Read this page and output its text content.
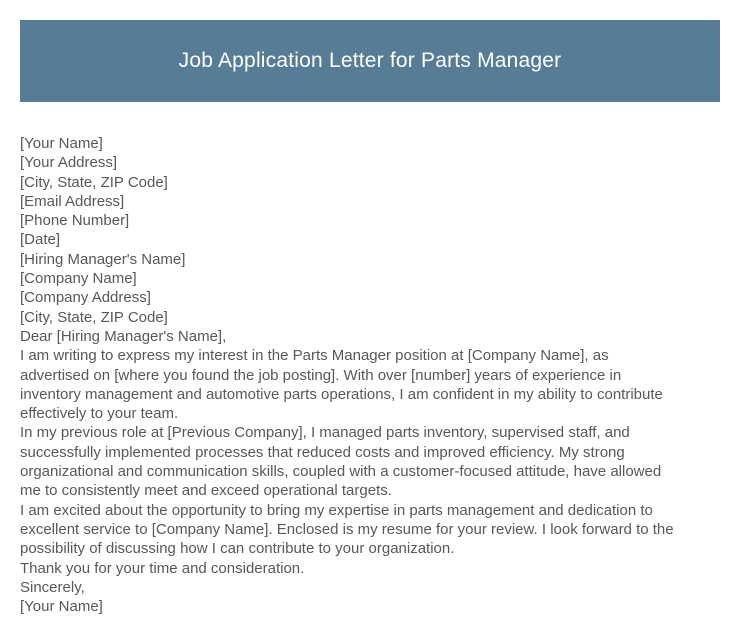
Job Application Letter for Parts Manager
[Your Name]
[Your Address]
[City, State, ZIP Code]
[Email Address]
[Phone Number]
[Date]
[Hiring Manager's Name]
[Company Name]
[Company Address]
[City, State, ZIP Code]
Dear [Hiring Manager's Name],
I am writing to express my interest in the Parts Manager position at [Company Name], as
advertised on [where you found the job posting]. With over [number] years of experience in
inventory management and automotive parts operations, I am confident in my ability to contribute
effectively to your team.
In my previous role at [Previous Company], I managed parts inventory, supervised staff, and
successfully implemented processes that reduced costs and improved efficiency. My strong
organizational and communication skills, coupled with a customer-focused attitude, have allowed
me to consistently meet and exceed operational targets.
I am excited about the opportunity to bring my expertise in parts management and dedication to
excellent service to [Company Name]. Enclosed is my resume for your review. I look forward to the
possibility of discussing how I can contribute to your organization.
Thank you for your time and consideration.
Sincerely,
[Your Name]
